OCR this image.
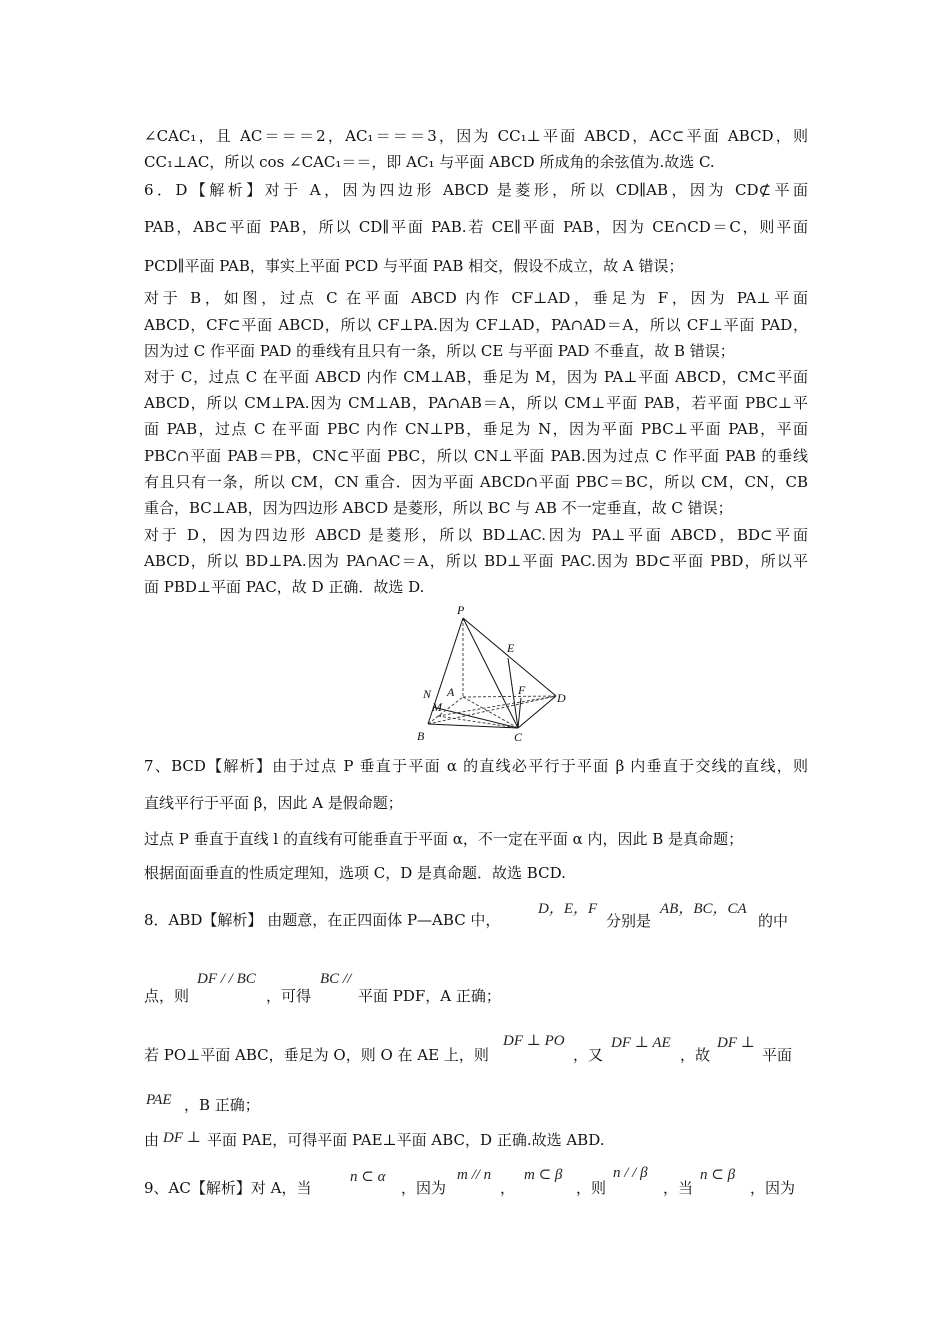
∠CAC₁，且 AC＝＝＝2，AC₁＝＝＝3，因为 CC₁⊥平面 ABCD，AC⊂平面 ABCD，则
CC₁⊥AC，所以 cos ∠CAC₁＝＝，即 AC₁ 与平面 ABCD 所成角的余弦值为.故选 C.
6．D【解析】对于 A，因为四边形 ABCD 是菱形，所以 CD∥AB，因为 CD⊄平面
PAB，AB⊂平面 PAB，所以 CD∥平面 PAB.若 CE∥平面 PAB，因为 CE∩CD＝C，则平面
PCD∥平面 PAB，事实上平面 PCD 与平面 PAB 相交，假设不成立，故 A 错误；
对于 B，如图，过点 C 在平面 ABCD 内作 CF⊥AD，垂足为 F，因为 PA⊥平面
ABCD，CF⊂平面 ABCD，所以 CF⊥PA.因为 CF⊥AD，PA∩AD＝A，所以 CF⊥平面 PAD，
因为过 C 作平面 PAD 的垂线有且只有一条，所以 CE 与平面 PAD 不垂直，故 B 错误；
对于 C，过点 C 在平面 ABCD 内作 CM⊥AB，垂足为 M，因为 PA⊥平面 ABCD，CM⊂平面
ABCD，所以 CM⊥PA.因为 CM⊥AB，PA∩AB＝A，所以 CM⊥平面 PAB，若平面 PBC⊥平
面 PAB，过点 C 在平面 PBC 内作 CN⊥PB，垂足为 N，因为平面 PBC⊥平面 PAB，平面
PBC∩平面 PAB＝PB，CN⊂平面 PBC，所以 CN⊥平面 PAB.因为过点 C 作平面 PAB 的垂线
有且只有一条，所以 CM，CN 重合．因为平面 ABCD∩平面 PBC＝BC，所以 CM，CN，CB
重合，BC⊥AB，因为四边形 ABCD 是菱形，所以 BC 与 AB 不一定垂直，故 C 错误；
对于 D，因为四边形 ABCD 是菱形，所以 BD⊥AC.因为 PA⊥平面 ABCD，BD⊂平面
ABCD，所以 BD⊥PA.因为 PA∩AC＝A，所以 BD⊥平面 PAC.因为 BD⊂平面 PBD，所以平
面 PBD⊥平面 PAC，故 D 正确．故选 D.
P
E
F
N A
M
D
B	C
7、BCD【解析】由于过点 P 垂直于平面 α 的直线必平行于平面 β 内垂直于交线的直线，则
直线平行于平面 β，因此 A 是假命题；
过点 P 垂直于直线 l 的直线有可能垂直于平面 α，不一定在平面 α 内，因此 B 是真命题；
根据面面垂直的性质定理知，选项 C，D 是真命题．故选 BCD.
8．ABD【解析】 由题意，在正四面体 P—ABC 中，
D，E，F
分别是
AB，BC，CA
的中
点，则
DF / / BC
，可得
BC //
平面 PDF，A 正确；
若 PO⊥平面 ABC，垂足为 O，则 O 在 AE 上，则
DF ⊥ PO
，又
DF ⊥ AE
，故
DF ⊥
平面
PAE ，B 正确；
由 DF ⊥ 平面 PAE，可得平面 PAE⊥平面 ABC，D 正确.故选 ABD.
9、AC【解析】对 A，当
n ⊂ α
，因为
m // n
，
m ⊂ β
，则
n / / β
，当
n ⊂ β
，因为
